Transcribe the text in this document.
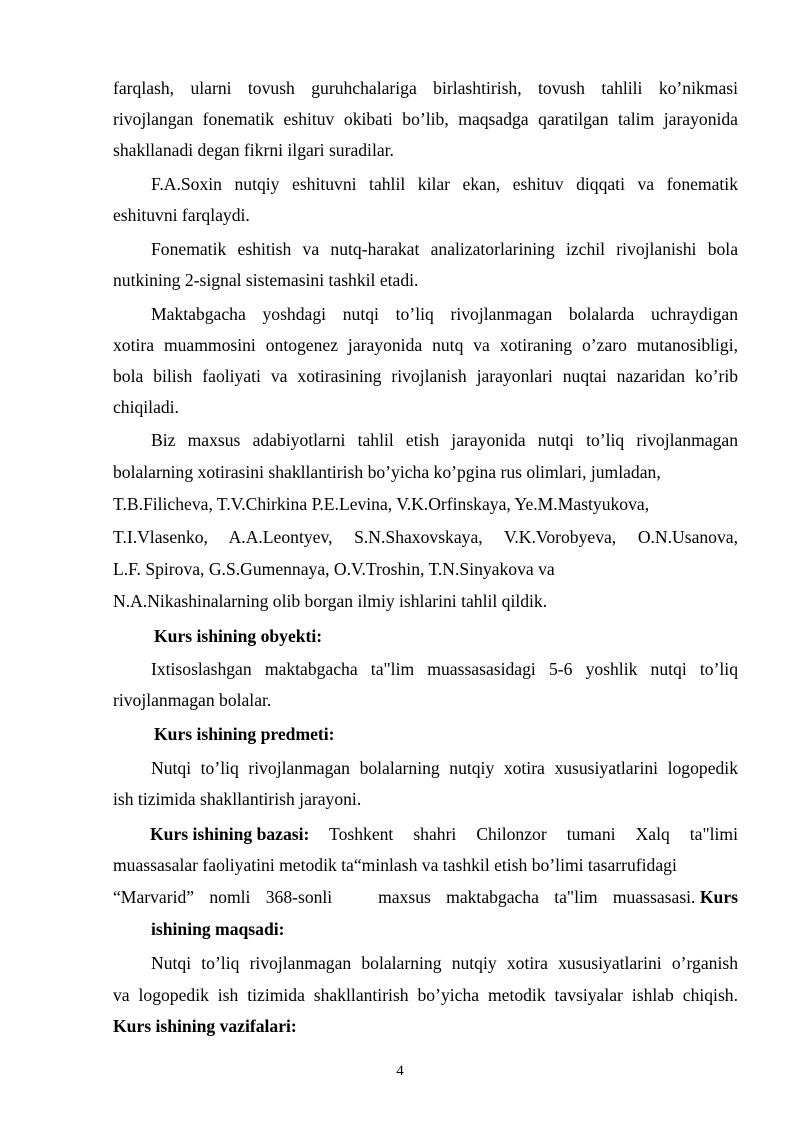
farqlash, ularni tovush guruhchalariga birlashtirish, tovush tahlili ko’nikmasi
rivojlangan fonematik eshituv okibati bo’lib, maqsadga qaratilgan talim jarayonida
shakllanadi degan fikrni ilgari suradilar.
F.A.Soxin nutqiy eshituvni tahlil kilar ekan, eshituv diqqati va fonematik
eshituvni farqlaydi.
Fonematik eshitish va nutq-harakat analizatorlarining izchil rivojlanishi bola
nutkining 2-signal sistemasini tashkil etadi.
Maktabgacha yoshdagi nutqi to’liq rivojlanmagan bolalarda uchraydigan
xotira muammosini ontogenez jarayonida nutq va xotiraning o’zaro mutanosibligi,
bola bilish faoliyati va xotirasining rivojlanish jarayonlari nuqtai nazaridan ko’rib
chiqiladi.
Biz maxsus adabiyotlarni tahlil etish jarayonida nutqi to’liq rivojlanmagan
bolalarning xotirasini shakllantirish bo’yicha ko’pgina rus olimlari, jumladan,
T.B.Filicheva, T.V.Chirkina P.E.Levina, V.K.Orfinskaya, Ye.M.Mastyukova,
T.I.Vlasenko, A.A.Leontyev, S.N.Shaxovskaya, V.K.Vorobyeva, O.N.Usanova,
L.F. Spirova, G.S.Gumennaya, O.V.Troshin, T.N.Sinyakova va
N.A.Nikashinalarning olib borgan ilmiy ishlarini tahlil qildik.
Kurs ishining obyekti:
Ixtisoslashgan maktabgacha ta"lim muassasasidagi 5-6 yoshlik nutqi to’liq
rivojlanmagan bolalar.
Kurs ishining predmeti:
Nutqi to’liq rivojlanmagan bolalarning nutqiy xotira xususiyatlarini logopedik
ish tizimida shakllantirish jarayoni.
Kurs ishining bazasi: Toshkent shahri Chilonzor tumani Xalq ta"limi
muassasalar faoliyatini metodik ta“minlash va tashkil etish bo’limi tasarrufidagi
“Marvarid” nomli 368-sonli   maxsus maktabgacha ta"lim muassasasi. Kurs
ishining maqsadi:
Nutqi to’liq rivojlanmagan bolalarning nutqiy xotira xususiyatlarini o’rganish
va logopedik ish tizimida shakllantirish bo’yicha metodik tavsiyalar ishlab chiqish.
Kurs ishining vazifalari:
4
